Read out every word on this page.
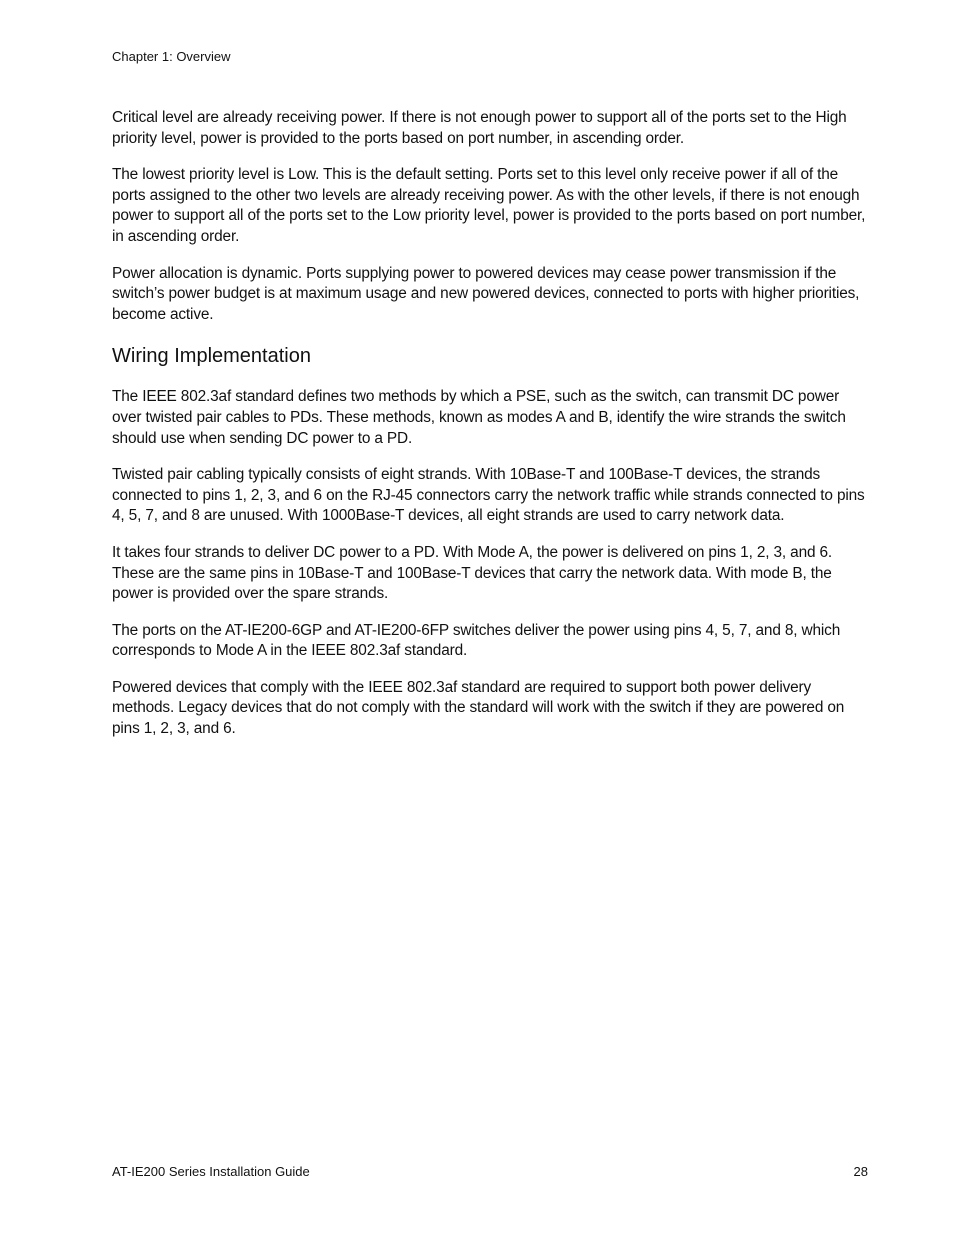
Chapter 1: Overview

Critical level are already receiving power. If there is not enough power to support all of the ports set to the High priority level, power is provided to the ports based on port number, in ascending order.

The lowest priority level is Low. This is the default setting. Ports set to this level only receive power if all of the ports assigned to the other two levels are already receiving power. As with the other levels, if there is not enough power to support all of the ports set to the Low priority level, power is provided to the ports based on port number, in ascending order.

Power allocation is dynamic. Ports supplying power to powered devices may cease power transmission if the switch’s power budget is at maximum usage and new powered devices, connected to ports with higher priorities, become active.

Wiring Implementation

The IEEE 802.3af standard defines two methods by which a PSE, such as the switch, can transmit DC power over twisted pair cables to PDs. These methods, known as modes A and B, identify the wire strands the switch should use when sending DC power to a PD.

Twisted pair cabling typically consists of eight strands. With 10Base-T and 100Base-T devices, the strands connected to pins 1, 2, 3, and 6 on the RJ-45 connectors carry the network traffic while strands connected to pins 4, 5, 7, and 8 are unused. With 1000Base-T devices, all eight strands are used to carry network data.

It takes four strands to deliver DC power to a PD. With Mode A, the power is delivered on pins 1, 2, 3, and 6. These are the same pins in 10Base-T and 100Base-T devices that carry the network data. With mode B, the power is provided over the spare strands.

The ports on the AT-IE200-6GP and AT-IE200-6FP switches deliver the power using pins 4, 5, 7, and 8, which corresponds to Mode A in the IEEE 802.3af standard.

Powered devices that comply with the IEEE 802.3af standard are required to support both power delivery methods. Legacy devices that do not comply with the standard will work with the switch if they are powered on pins 1, 2, 3, and 6.

AT-IE200 Series Installation Guide	28
